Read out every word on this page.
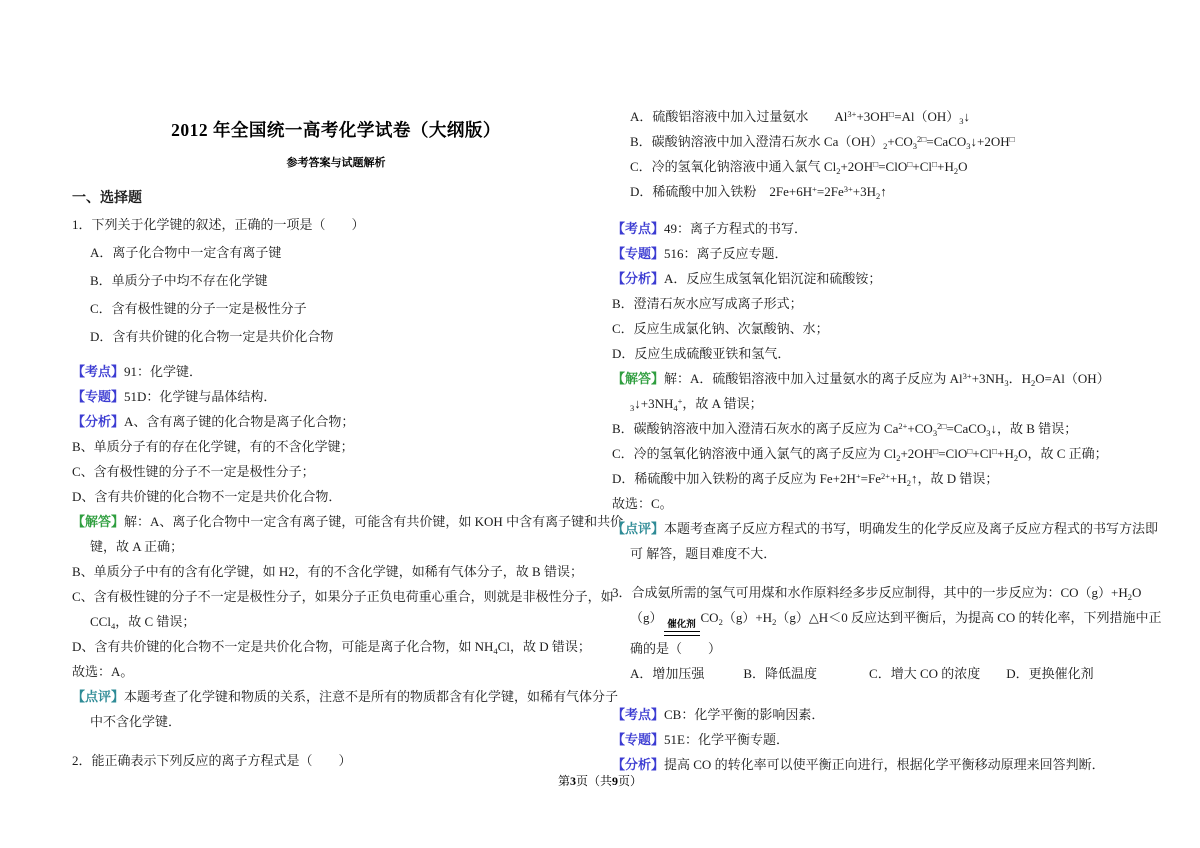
2012 年全国统一高考化学试卷（大纲版）
参考答案与试题解析
一、选择题
1．下列关于化学键的叙述，正确的一项是（　　）
A．离子化合物中一定含有离子键
B．单质分子中均不存在化学键
C．含有极性键的分子一定是极性分子
D．含有共价键的化合物一定是共价化合物
【考点】91：化学键．
【专题】51D：化学键与晶体结构．
【分析】A、含有离子键的化合物是离子化合物；
B、单质分子有的存在化学键，有的不含化学键；
C、含有极性键的分子不一定是极性分子；
D、含有共价键的化合物不一定是共价化合物．
【解答】解：A、离子化合物中一定含有离子键，可能含有共价键，如 KOH 中含有离子键和共价
键，故 A 正确；
B、单质分子中有的含有化学键，如 H2，有的不含化学键，如稀有气体分子，故 B 错误；
C、含有极性键的分子不一定是极性分子，如果分子正负电荷重心重合，则就是非极性分子，如
CCl$_4$，故 C 错误；
D、含有共价键的化合物不一定是共价化合物，可能是离子化合物，如 $NH_4Cl$，故 D 错误；
故选：A。
【点评】本题考查了化学键和物质的关系，注意不是所有的物质都含有化学键，如稀有气体分子
中不含化学键．
2．能正确表示下列反应的离子方程式是（　　）
A．硫酸铝溶液中加入过量氨水　　$Al^{3+}+3OH^□=Al(OH)_3↓$
B．碳酸钠溶液中加入澄清石灰水 $Ca(OH)_2+CO_3^{2□}=CaCO_3↓+2OH^□$
C．冷的氢氧化钠溶液中通入氯气 $Cl_2+2OH^□=ClO^□+Cl^□+H_2O$
D．稀硫酸中加入铁粉　$2Fe+6H^+=2Fe^{3+}+3H_2↑$
【考点】49：离子方程式的书写．
【专题】516：离子反应专题．
【分析】A．反应生成氢氧化铝沉淀和硫酸铵；
B．澄清石灰水应写成离子形式；
C．反应生成氯化钠、次氯酸钠、水；
D．反应生成硫酸亚铁和氢气．
【解答】解：A．硫酸铝溶液中加入过量氨水的离子反应为 $Al^{3+}+3NH_3$．$H_2O=Al(OH)$
$_3↓+3NH_4^+$，故 A 错误；
B．碳酸钠溶液中加入澄清石灰水的离子反应为 $Ca^{2+}+CO_3^{2□}=CaCO_3↓$，故 B 错误；
C．冷的氢氧化钠溶液中通入氯气的离子反应为 $Cl_2+2OH^□=ClO^□+Cl^□+H_2O$，故 C 正确；
D．稀硫酸中加入铁粉的离子反应为 $Fe+2H^+=Fe^{2+}+H_2↑$，故 D 错误；
故选：C。
【点评】本题考查离子反应方程式的书写，明确发生的化学反应及离子反应方程式的书写方法即
可 解答，题目难度不大．
3．合成氨所需的氢气可用煤和水作原料经多步反应制得，其中的一步反应为：$CO(g)+H_2O$
（g） 催化剂 $CO_2(g)+H_2(g)\triangle H<0$ 反应达到平衡后，为提高 CO 的转化率，下列措施中正
确的是（　　）
A．增加压强　　　B．降低温度　　　　C．增大 CO 的浓度　　D．更换催化剂
【考点】CB：化学平衡的影响因素．
【专题】51E：化学平衡专题．
【分析】提高 CO 的转化率可以使平衡正向进行，根据化学平衡移动原理来回答判断．
第3页（共9页）
